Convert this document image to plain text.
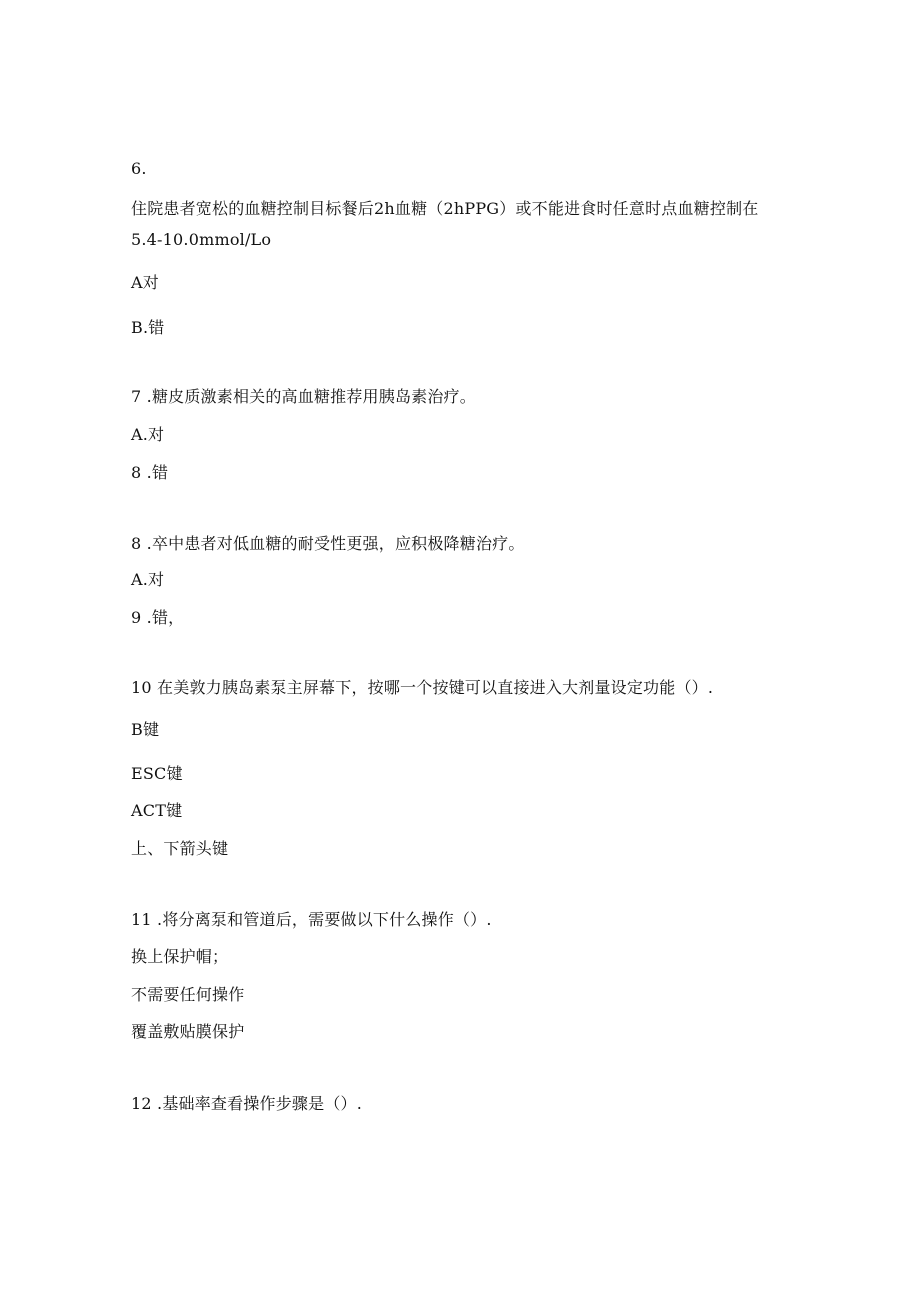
6.
住院患者宽松的血糖控制目标餐后2h血糖（2hPPG）或不能进食时任意时点血糖控制在
5.4-10.0mmol/Lo
A对
B.错
7 .糖皮质激素相关的高血糖推荐用胰岛素治疗。
A.对
8 .错
8 .卒中患者对低血糖的耐受性更强，应积极降糖治疗。
A.对
9 .错，
10 在美敦力胰岛素泵主屏幕下，按哪一个按键可以直接进入大剂量设定功能（）.
B键
ESC键
ACT键
上、下箭头键
11 .将分离泵和管道后，需要做以下什么操作（）.
换上保护帽；
不需要任何操作
覆盖敷贴膜保护
12 .基础率查看操作步骤是（）.
